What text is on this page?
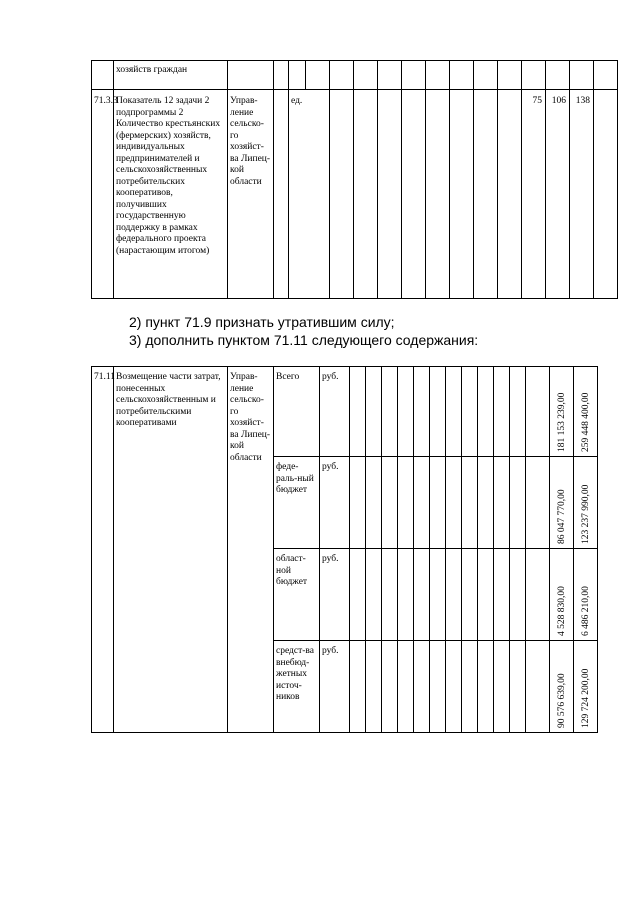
	хозяйств граждан																
71.3.3	Показатель 12 задачи 2 подпрограммы 2 Количество крестьянских (фермерских) хозяйств, индивидуальных предпринимателей и сельскохозяйственных потребительских кооперативов, получивших государственную поддержку в рамках федерального проекта (нарастающим итогом)	Управ-ление сельско-го хозяйст-ва Липец-кой области		ед.										75	106	138	
2) пункт 71.9 признать утратившим силу;
3) дополнить пунктом 71.11 следующего содержания:
71.11	Возмещение части затрат, понесенных сельскохозяйственным и потребительскими кооперативами	Управ-ление сельско-го хозяйст-ва Липец-кой области	Всего	руб.													181 153 239,00	259 448 400,00	

			феде-раль-ный бюджет	руб.													86 047 770,00	123 237 990,00	

			област-ной бюджет	руб.													4 528 830,00	6 486 210,00	

			средст-ва внебюд-жетных источ-ников	руб.													90 576 639,00	129 724 200,00	
